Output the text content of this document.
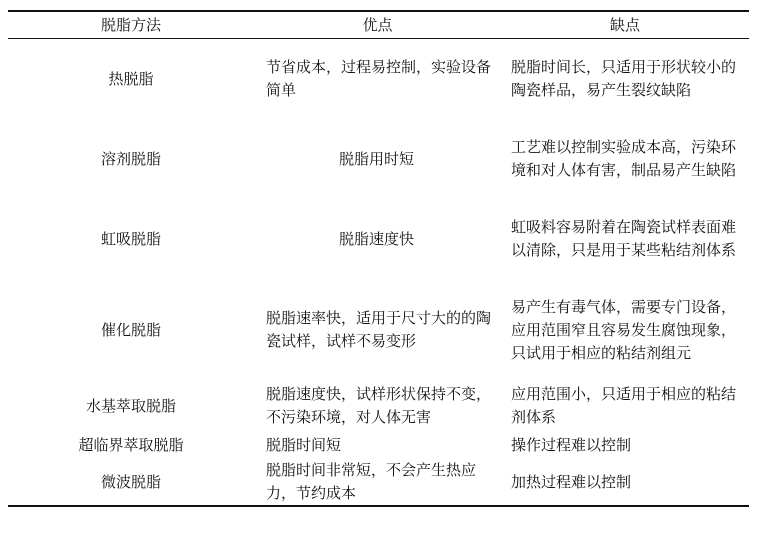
脱脂方法	优点	缺点
热脱脂	节省成本，过程易控制，实验设备简单	脱脂时间长，只适用于形状较小的陶瓷样品，易产生裂纹缺陷
溶剂脱脂	脱脂用时短	工艺难以控制实验成本高，污染环境和对人体有害，制品易产生缺陷
虹吸脱脂	脱脂速度快	虹吸料容易附着在陶瓷试样表面难以清除，只是用于某些粘结剂体系
催化脱脂	脱脂速率快，适用于尺寸大的的陶瓷试样，试样不易变形	易产生有毒气体，需要专门设备，应用范围窄且容易发生腐蚀现象，只试用于相应的粘结剂组元
水基萃取脱脂	脱脂速度快，试样形状保持不变，不污染环境，对人体无害	应用范围小，只适用于相应的粘结剂体系
超临界萃取脱脂	脱脂时间短	操作过程难以控制
微波脱脂	脱脂时间非常短，不会产生热应力，节约成本	加热过程难以控制
